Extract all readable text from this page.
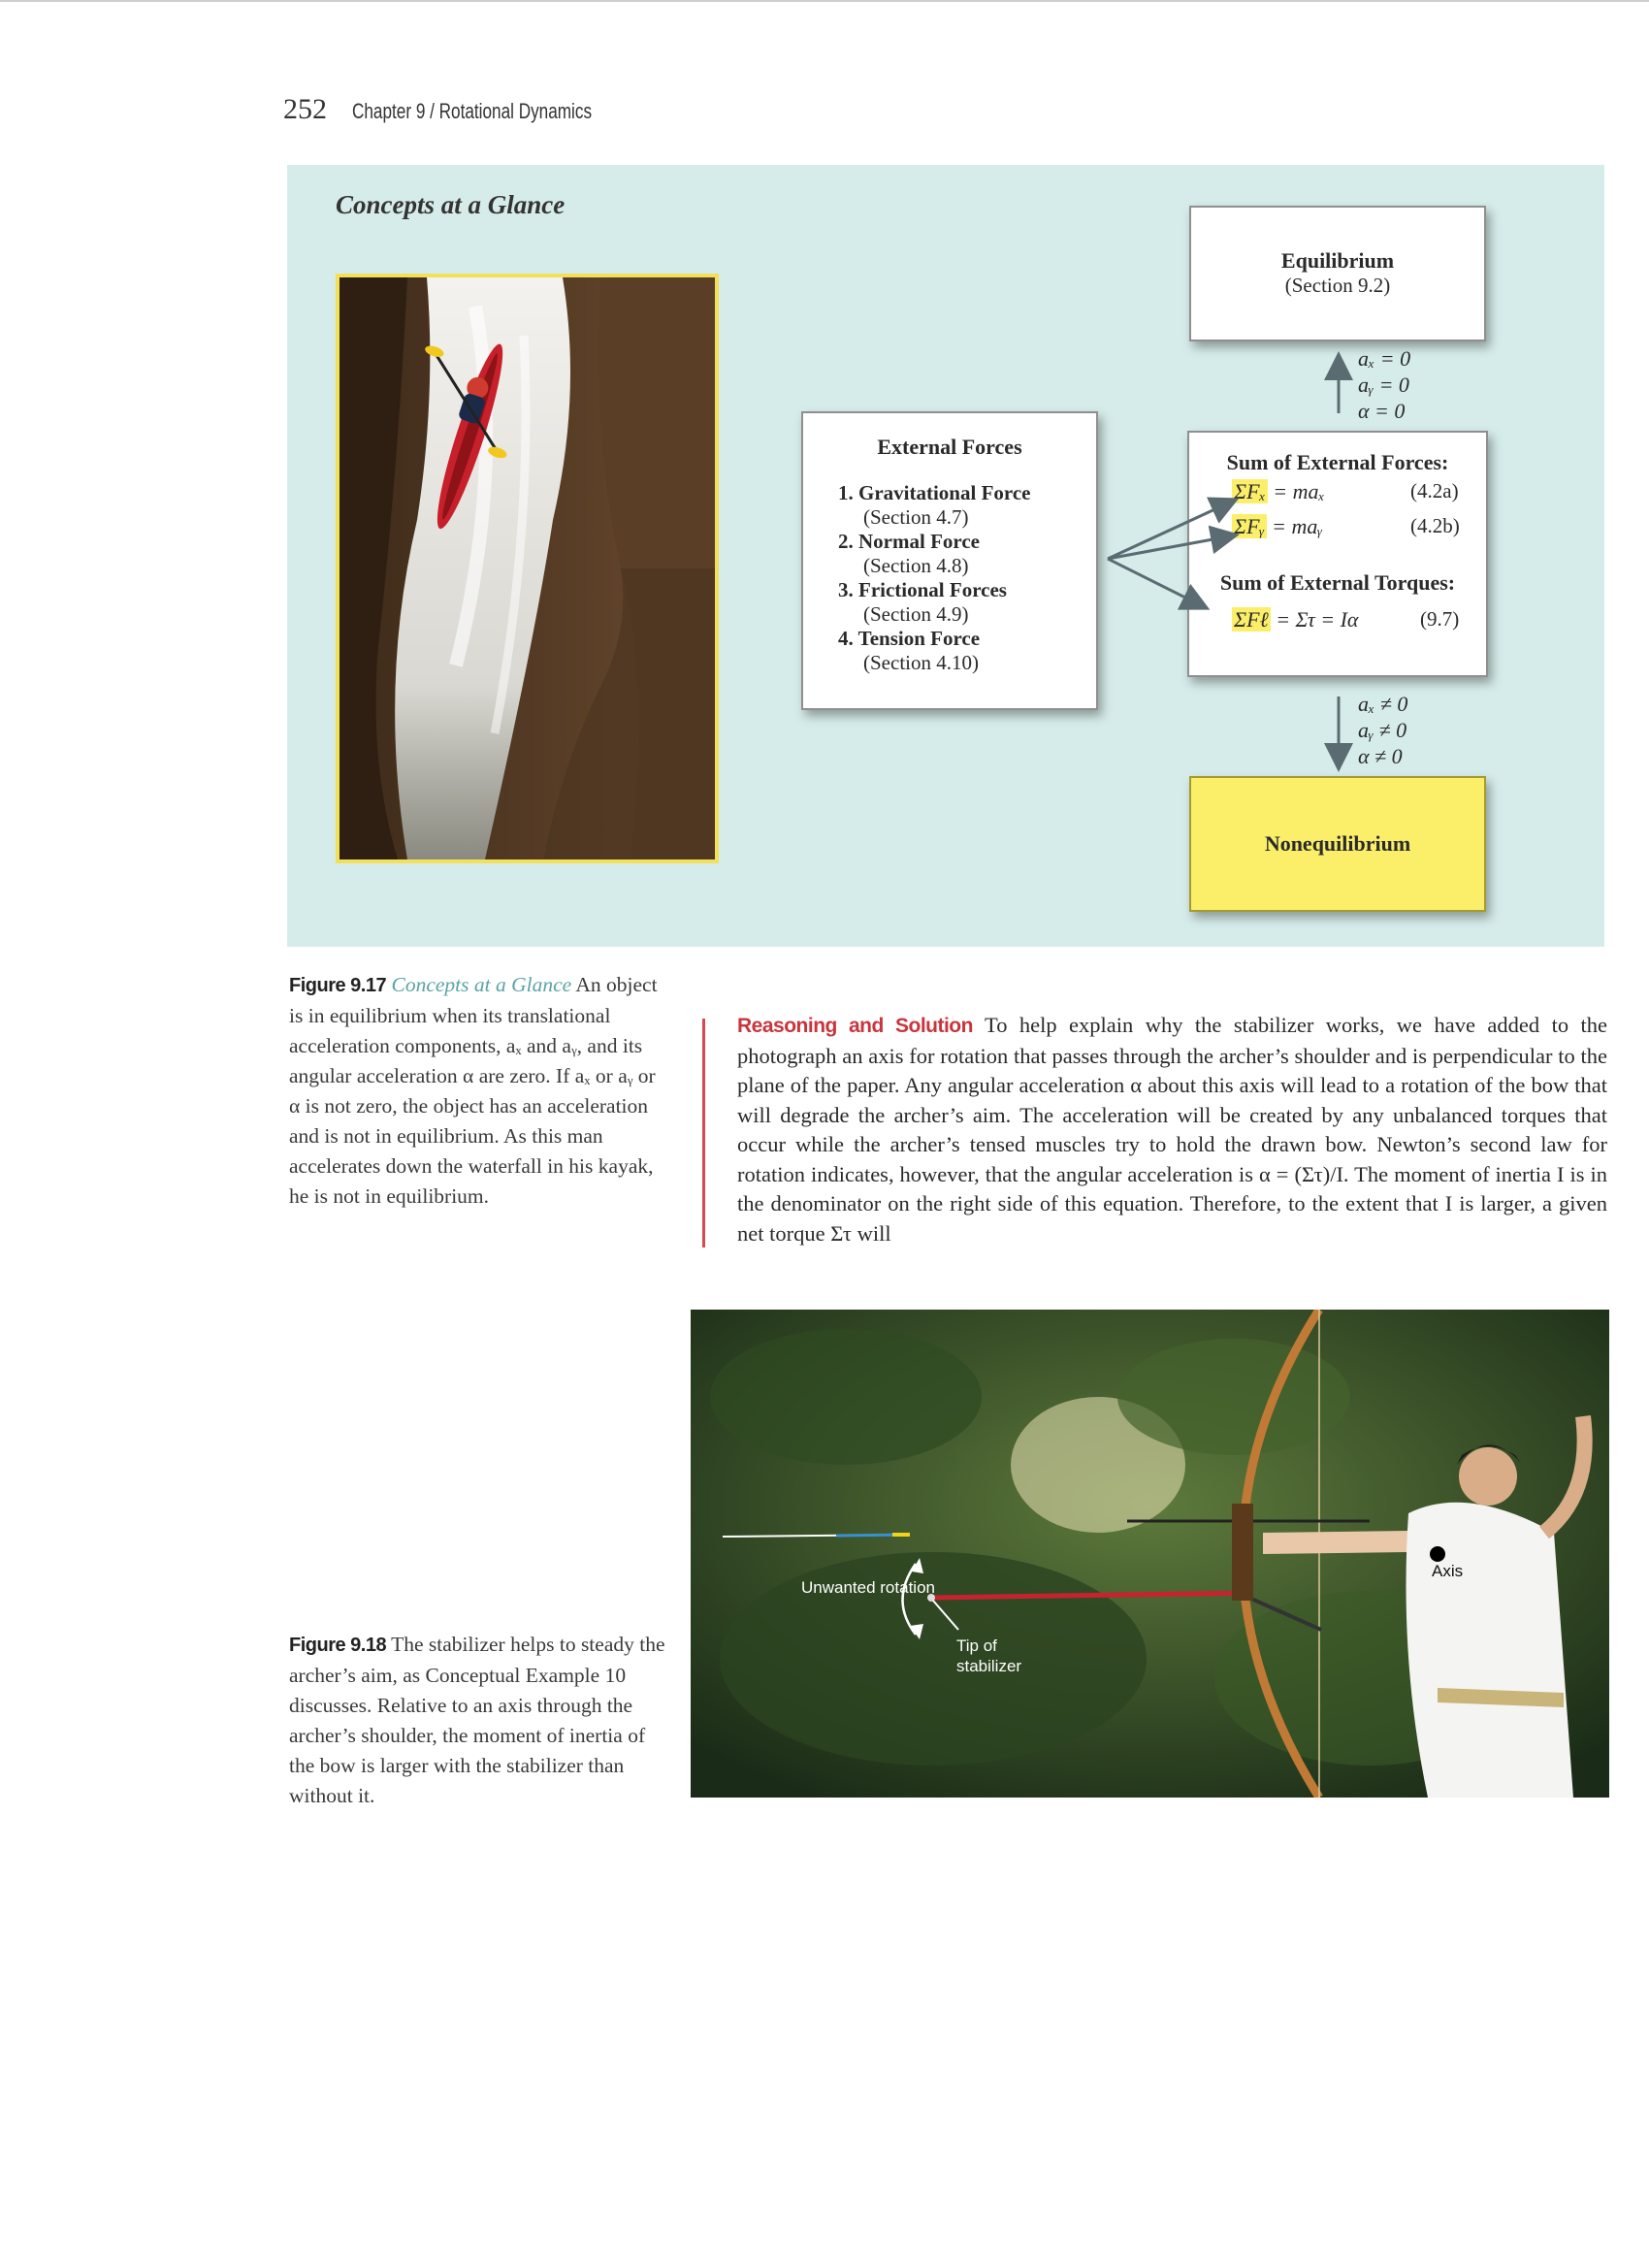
252 Chapter 9 / Rotational Dynamics
Concepts at a Glance
Equilibrium
(Section 9.2)
aₓ = 0
aᵧ = 0
α = 0
External Forces
1. Gravitational Force
(Section 4.7)
2. Normal Force
(Section 4.8)
3. Frictional Forces
(Section 4.9)
4. Tension Force
(Section 4.10)
Sum of External Forces:
ΣFₓ = maₓ	(4.2a)
ΣFᵧ = maᵧ	(4.2b)
Sum of External Torques:
ΣFℓ = Στ = Iα	(9.7)
aₓ ≠ 0
aᵧ ≠ 0
α ≠ 0
Nonequilibrium
Figure 9.17 Concepts at a Glance An object is in equilibrium when its translational acceleration components, aₓ and aᵧ, and its angular acceleration α are zero. If aₓ or aᵧ or α is not zero, the object has an acceleration and is not in equilibrium. As this man accelerates down the waterfall in his kayak, he is not in equilibrium.
Reasoning and Solution To help explain why the stabilizer works, we have added to the photograph an axis for rotation that passes through the archer’s shoulder and is perpendicular to the plane of the paper. Any angular acceleration α about this axis will lead to a rotation of the bow that will degrade the archer’s aim. The acceleration will be created by any unbalanced torques that occur while the archer’s tensed muscles try to hold the drawn bow. Newton’s second law for rotation indicates, however, that the angular acceleration is α = (Στ)/I. The moment of inertia I is in the denominator on the right side of this equation. Therefore, to the extent that I is larger, a given net torque Στ will
Unwanted rotation
Tip of stabilizer
Axis
Figure 9.18 The stabilizer helps to steady the archer’s aim, as Conceptual Example 10 discusses. Relative to an axis through the archer’s shoulder, the moment of inertia of the bow is larger with the stabilizer than without it.
